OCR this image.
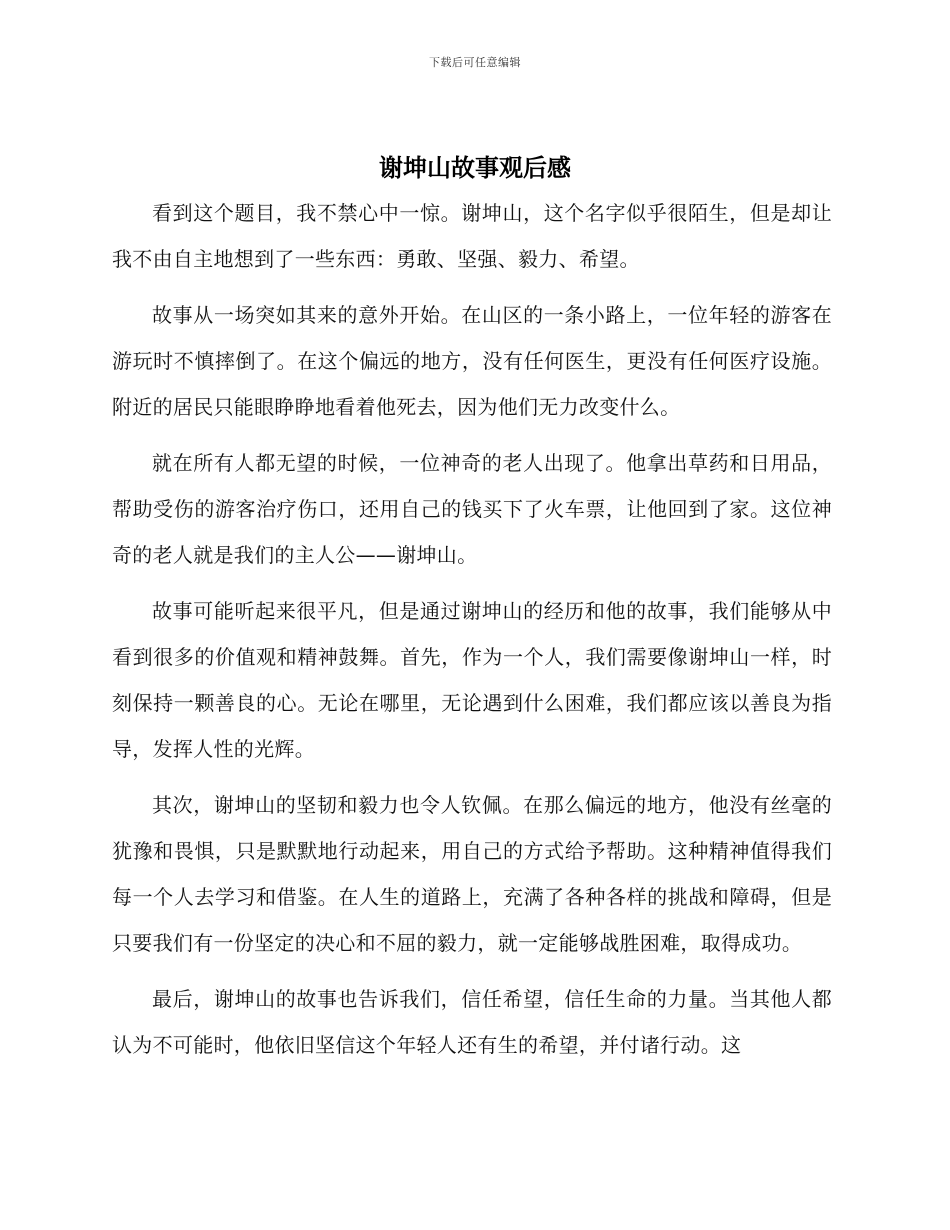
下载后可任意编辑
谢坤山故事观后感

看到这个题目，我不禁心中一惊。谢坤山，这个名字似乎很陌生，但是却让我不由自主地想到了一些东西：勇敢、坚强、毅力、希望。

故事从一场突如其来的意外开始。在山区的一条小路上，一位年轻的游客在游玩时不慎摔倒了。在这个偏远的地方，没有任何医生，更没有任何医疗设施。附近的居民只能眼睁睁地看着他死去，因为他们无力改变什么。

就在所有人都无望的时候，一位神奇的老人出现了。他拿出草药和日用品，帮助受伤的游客治疗伤口，还用自己的钱买下了火车票，让他回到了家。这位神奇的老人就是我们的主人公——谢坤山。

故事可能听起来很平凡，但是通过谢坤山的经历和他的故事，我们能够从中看到很多的价值观和精神鼓舞。首先，作为一个人，我们需要像谢坤山一样，时刻保持一颗善良的心。无论在哪里，无论遇到什么困难，我们都应该以善良为指导，发挥人性的光辉。

其次，谢坤山的坚韧和毅力也令人钦佩。在那么偏远的地方，他没有丝毫的犹豫和畏惧，只是默默地行动起来，用自己的方式给予帮助。这种精神值得我们每一个人去学习和借鉴。在人生的道路上，充满了各种各样的挑战和障碍，但是只要我们有一份坚定的决心和不屈的毅力，就一定能够战胜困难，取得成功。

最后，谢坤山的故事也告诉我们，信任希望，信任生命的力量。当其他人都认为不可能时，他依旧坚信这个年轻人还有生的希望，并付诸行动。这
